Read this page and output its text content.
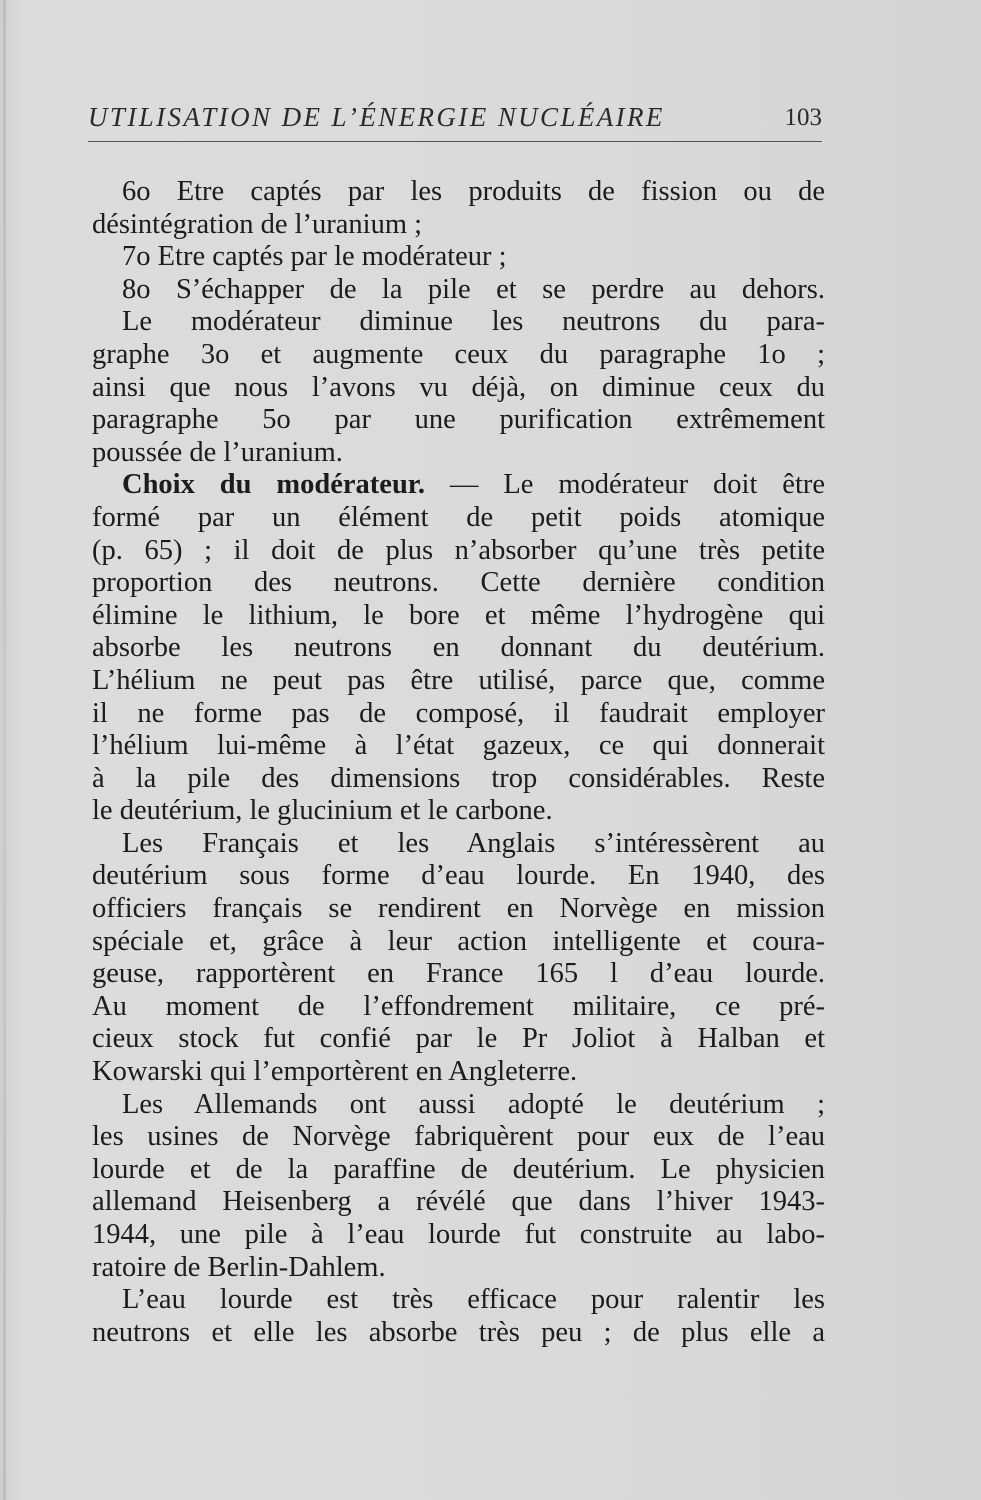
UTILISATION DE L’ÉNERGIE NUCLÉAIRE	103
6o Etre captés par les produits de fission ou de
désintégration de l’uranium ;
7o Etre captés par le modérateur ;
8o S’échapper de la pile et se perdre au dehors.
Le modérateur diminue les neutrons du para-
graphe 3o et augmente ceux du paragraphe 1o ;
ainsi que nous l’avons vu déjà, on diminue ceux du
paragraphe 5o par une purification extrêmement
poussée de l’uranium.
Choix du modérateur. — Le modérateur doit être
formé par un élément de petit poids atomique
(p. 65) ; il doit de plus n’absorber qu’une très petite
proportion des neutrons. Cette dernière condition
élimine le lithium, le bore et même l’hydrogène qui
absorbe les neutrons en donnant du deutérium.
L’hélium ne peut pas être utilisé, parce que, comme
il ne forme pas de composé, il faudrait employer
l’hélium lui-même à l’état gazeux, ce qui donnerait
à la pile des dimensions trop considérables. Reste
le deutérium, le glucinium et le carbone.
Les Français et les Anglais s’intéressèrent au
deutérium sous forme d’eau lourde. En 1940, des
officiers français se rendirent en Norvège en mission
spéciale et, grâce à leur action intelligente et coura-
geuse, rapportèrent en France 165 l d’eau lourde.
Au moment de l’effondrement militaire, ce pré-
cieux stock fut confié par le Pr Joliot à Halban et
Kowarski qui l’emportèrent en Angleterre.
Les Allemands ont aussi adopté le deutérium ;
les usines de Norvège fabriquèrent pour eux de l’eau
lourde et de la paraffine de deutérium. Le physicien
allemand Heisenberg a révélé que dans l’hiver 1943-
1944, une pile à l’eau lourde fut construite au labo-
ratoire de Berlin-Dahlem.
L’eau lourde est très efficace pour ralentir les
neutrons et elle les absorbe très peu ; de plus elle a
